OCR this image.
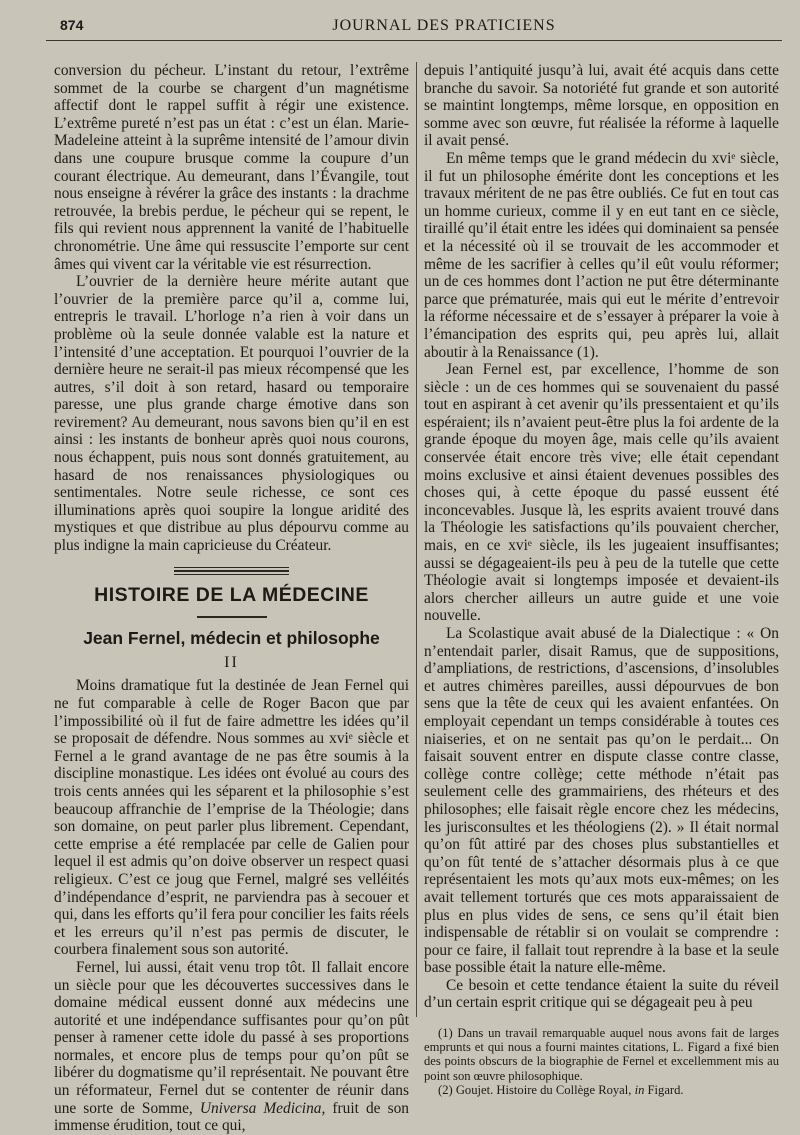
874	JOURNAL DES PRATICIENS

conversion du pécheur. L’instant du retour, l’extrême sommet de la courbe se chargent d’un magnétisme affectif dont le rappel suffit à régir une existence. L’extrême pureté n’est pas un état : c’est un élan. Marie-Madeleine atteint à la suprême intensité de l’amour divin dans une coupure brusque comme la coupure d’un courant électrique. Au demeurant, dans l’Évangile, tout nous enseigne à révérer la grâce des instants : la drachme retrouvée, la brebis perdue, le pécheur qui se repent, le fils qui revient nous apprennent la vanité de l’habituelle chronométrie. Une âme qui ressuscite l’emporte sur cent âmes qui vivent car la véritable vie est résurrection.

L’ouvrier de la dernière heure mérite autant que l’ouvrier de la première parce qu’il a, comme lui, entrepris le travail. L’horloge n’a rien à voir dans un problème où la seule donnée valable est la nature et l’intensité d’une acceptation. Et pourquoi l’ouvrier de la dernière heure ne serait-il pas mieux récompensé que les autres, s’il doit à son retard, hasard ou temporaire paresse, une plus grande charge émotive dans son revirement? Au demeurant, nous savons bien qu’il en est ainsi : les instants de bonheur après quoi nous courons, nous échappent, puis nous sont donnés gratuitement, au hasard de nos renaissances physiologiques ou sentimentales. Notre seule richesse, ce sont ces illuminations après quoi soupire la longue aridité des mystiques et que distribue au plus dépourvu comme au plus indigne la main capricieuse du Créateur.

HISTOIRE DE LA MÉDECINE
Jean Fernel, médecin et philosophe
II

Moins dramatique fut la destinée de Jean Fernel qui ne fut comparable à celle de Roger Bacon que par l’impossibilité où il fut de faire admettre les idées qu’il se proposait de défendre. Nous sommes au xviᵉ siècle et Fernel a le grand avantage de ne pas être soumis à la discipline monastique. Les idées ont évolué au cours des trois cents années qui les séparent et la philosophie s’est beaucoup affranchie de l’emprise de la Théologie; dans son domaine, on peut parler plus librement. Cependant, cette emprise a été remplacée par celle de Galien pour lequel il est admis qu’on doive observer un respect quasi religieux. C’est ce joug que Fernel, malgré ses velléités d’indépendance d’esprit, ne parviendra pas à secouer et qui, dans les efforts qu’il fera pour concilier les faits réels et les erreurs qu’il n’est pas permis de discuter, le courbera finalement sous son autorité.

Fernel, lui aussi, était venu trop tôt. Il fallait encore un siècle pour que les découvertes successives dans le domaine médical eussent donné aux médecins une autorité et une indépendance suffisantes pour qu’on pût penser à ramener cette idole du passé à ses proportions normales, et encore plus de temps pour qu’on pût se libérer du dogmatisme qu’il représentait. Ne pouvant être un réformateur, Fernel dut se contenter de réunir dans une sorte de Somme, Universa Medicina, fruit de son immense érudition, tout ce qui,

depuis l’antiquité jusqu’à lui, avait été acquis dans cette branche du savoir. Sa notoriété fut grande et son autorité se maintint longtemps, même lorsque, en opposition en somme avec son œuvre, fut réalisée la réforme à laquelle il avait pensé.

En même temps que le grand médecin du xviᵉ siècle, il fut un philosophe émérite dont les conceptions et les travaux méritent de ne pas être oubliés. Ce fut en tout cas un homme curieux, comme il y en eut tant en ce siècle, tiraillé qu’il était entre les idées qui dominaient sa pensée et la nécessité où il se trouvait de les accommoder et même de les sacrifier à celles qu’il eût voulu réformer; un de ces hommes dont l’action ne put être déterminante parce que prématurée, mais qui eut le mérite d’entrevoir la réforme nécessaire et de s’essayer à préparer la voie à l’émancipation des esprits qui, peu après lui, allait aboutir à la Renaissance (1).

Jean Fernel est, par excellence, l’homme de son siècle : un de ces hommes qui se souvenaient du passé tout en aspirant à cet avenir qu’ils pressentaient et qu’ils espéraient; ils n’avaient peut-être plus la foi ardente de la grande époque du moyen âge, mais celle qu’ils avaient conservée était encore très vive; elle était cependant moins exclusive et ainsi étaient devenues possibles des choses qui, à cette époque du passé eussent été inconcevables. Jusque là, les esprits avaient trouvé dans la Théologie les satisfactions qu’ils pouvaient chercher, mais, en ce xviᵉ siècle, ils les jugeaient insuffisantes; aussi se dégageaient-ils peu à peu de la tutelle que cette Théologie avait si longtemps imposée et devaient-ils alors chercher ailleurs un autre guide et une voie nouvelle.

La Scolastique avait abusé de la Dialectique : « On n’entendait parler, disait Ramus, que de suppositions, d’ampliations, de restrictions, d’ascensions, d’insolubles et autres chimères pareilles, aussi dépourvues de bon sens que la tête de ceux qui les avaient enfantées. On employait cependant un temps considérable à toutes ces niaiseries, et on ne sentait pas qu’on le perdait... On faisait souvent entrer en dispute classe contre classe, collège contre collège; cette méthode n’était pas seulement celle des grammairiens, des rhéteurs et des philosophes; elle faisait règle encore chez les médecins, les jurisconsultes et les théologiens (2). » Il était normal qu’on fût attiré par des choses plus substantielles et qu’on fût tenté de s’attacher désormais plus à ce que représentaient les mots qu’aux mots eux-mêmes; on les avait tellement torturés que ces mots apparaissaient de plus en plus vides de sens, ce sens qu’il était bien indispensable de rétablir si on voulait se comprendre : pour ce faire, il fallait tout reprendre à la base et la seule base possible était la nature elle-même.

Ce besoin et cette tendance étaient la suite du réveil d’un certain esprit critique qui se dégageait peu à peu

(1) Dans un travail remarquable auquel nous avons fait de larges emprunts et qui nous a fourni maintes citations, L. Figard a fixé bien des points obscurs de la biographie de Fernel et excellemment mis au point son œuvre philosophique.

(2) Goujet. Histoire du Collège Royal, in Figard.
